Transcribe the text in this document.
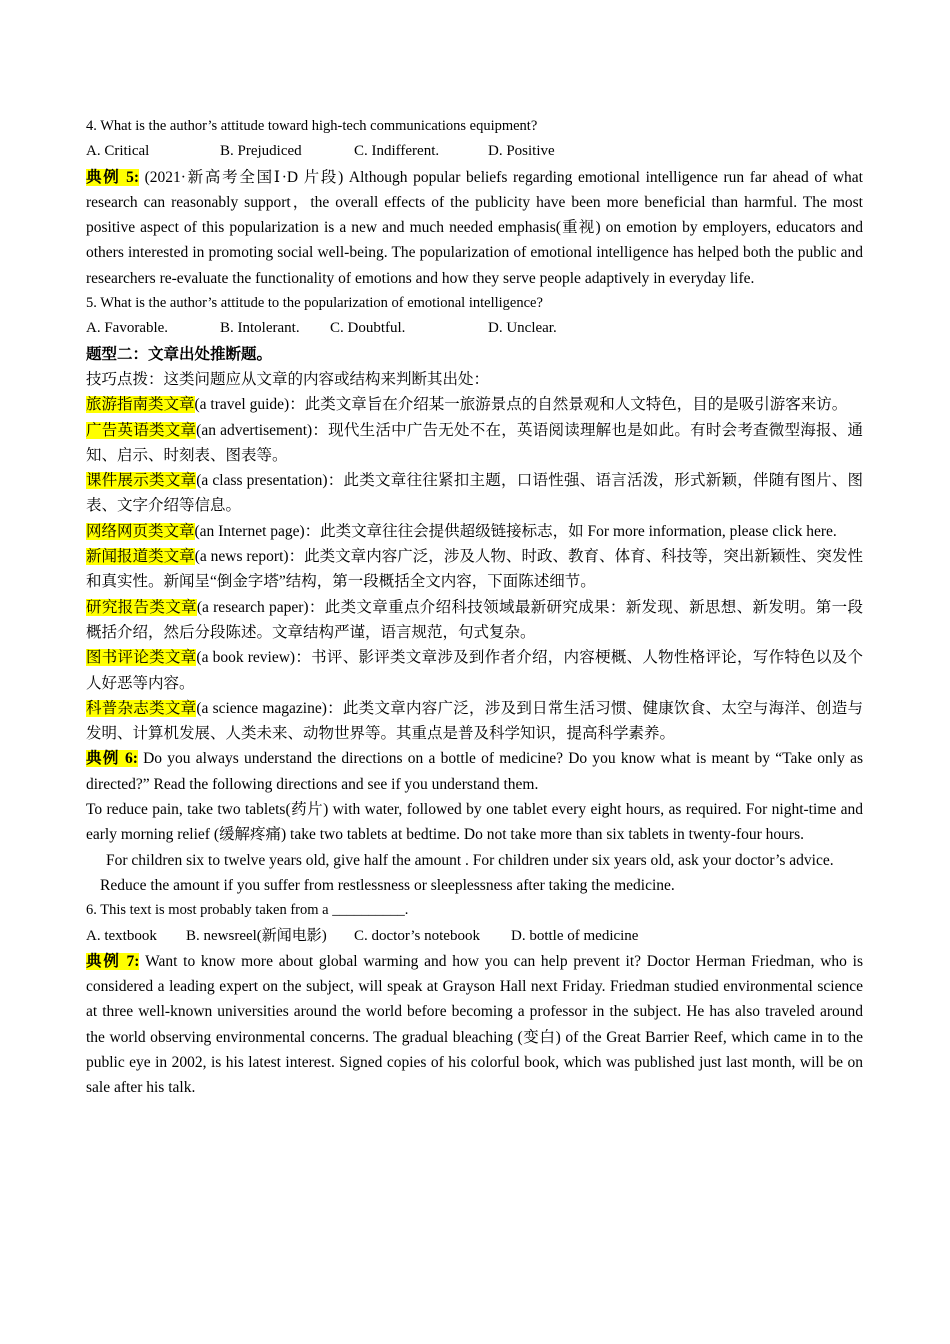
4. What is the author’s attitude toward high-tech communications equipment?

A. Critical	B. Prejudiced	C. Indifferent.	D. Positive

典例 5: (2021·新高考全国Ⅰ·D 片段) Although popular beliefs regarding emotional intelligence run far ahead of what research can reasonably support，the overall effects of the publicity have been more beneficial than harmful. The most positive aspect of this popularization is a new and much needed emphasis(重视) on emotion by employers, educators and others interested in promoting social well-being. The popularization of emotional intelligence has helped both the public and researchers re-evaluate the functionality of emotions and how they serve people adaptively in everyday life.

5. What is the author’s attitude to the popularization of emotional intelligence?

A. Favorable.	B. Intolerant.	C. Doubtful.	D. Unclear.

题型二：文章出处推断题。

技巧点拨：这类问题应从文章的内容或结构来判断其出处：

旅游指南类文章(a travel guide)：此类文章旨在介绍某一旅游景点的自然景观和人文特色，目的是吸引游客来访。

广告英语类文章(an advertisement)：现代生活中广告无处不在，英语阅读理解也是如此。有时会考查微型海报、通知、启示、时刻表、图表等。

课件展示类文章(a class presentation)：此类文章往往紧扣主题，口语性强、语言活泼，形式新颖，伴随有图片、图表、文字介绍等信息。

网络网页类文章(an Internet page)：此类文章往往会提供超级链接标志，如 For more information, please click here.

新闻报道类文章(a news report)：此类文章内容广泛，涉及人物、时政、教育、体育、科技等，突出新颖性、突发性和真实性。新闻呈“倒金字塔”结构，第一段概括全文内容，下面陈述细节。

研究报告类文章(a research paper)：此类文章重点介绍科技领域最新研究成果：新发现、新思想、新发明。第一段概括介绍，然后分段陈述。文章结构严谨，语言规范，句式复杂。

图书评论类文章(a book review)：书评、影评类文章涉及到作者介绍，内容梗概、人物性格评论，写作特色以及个人好恶等内容。

科普杂志类文章(a science magazine)：此类文章内容广泛，涉及到日常生活习惯、健康饮食、太空与海洋、创造与发明、计算机发展、人类未来、动物世界等。其重点是普及科学知识，提高科学素养。

典例 6: Do you always understand the directions on a bottle of medicine? Do you know what is meant by “Take only as directed?” Read the following directions and see if you understand them.

To reduce pain, take two tablets(药片) with water, followed by one tablet every eight hours, as required. For night-time and early morning relief (缓解疼痛) take two tablets at bedtime. Do not take more than six tablets in twenty-four hours.

For children six to twelve years old, give half the amount . For children under six years old, ask your doctor’s advice.

Reduce the amount if you suffer from restlessness or sleeplessness after taking the medicine.

6. This text is most probably taken from a __________.

A. textbook	B. newsreel(新闻电影)	C. doctor’s notebook	D. bottle of medicine

典例 7: Want to know more about global warming and how you can help prevent it? Doctor Herman Friedman, who is considered a leading expert on the subject, will speak at Grayson Hall next Friday. Friedman studied environmental science at three well-known universities around the world before becoming a professor in the subject. He has also traveled around the world observing environmental concerns. The gradual bleaching (变白) of the Great Barrier Reef, which came in to the public eye in 2002, is his latest interest. Signed copies of his colorful book, which was published just last month, will be on sale after his talk.
